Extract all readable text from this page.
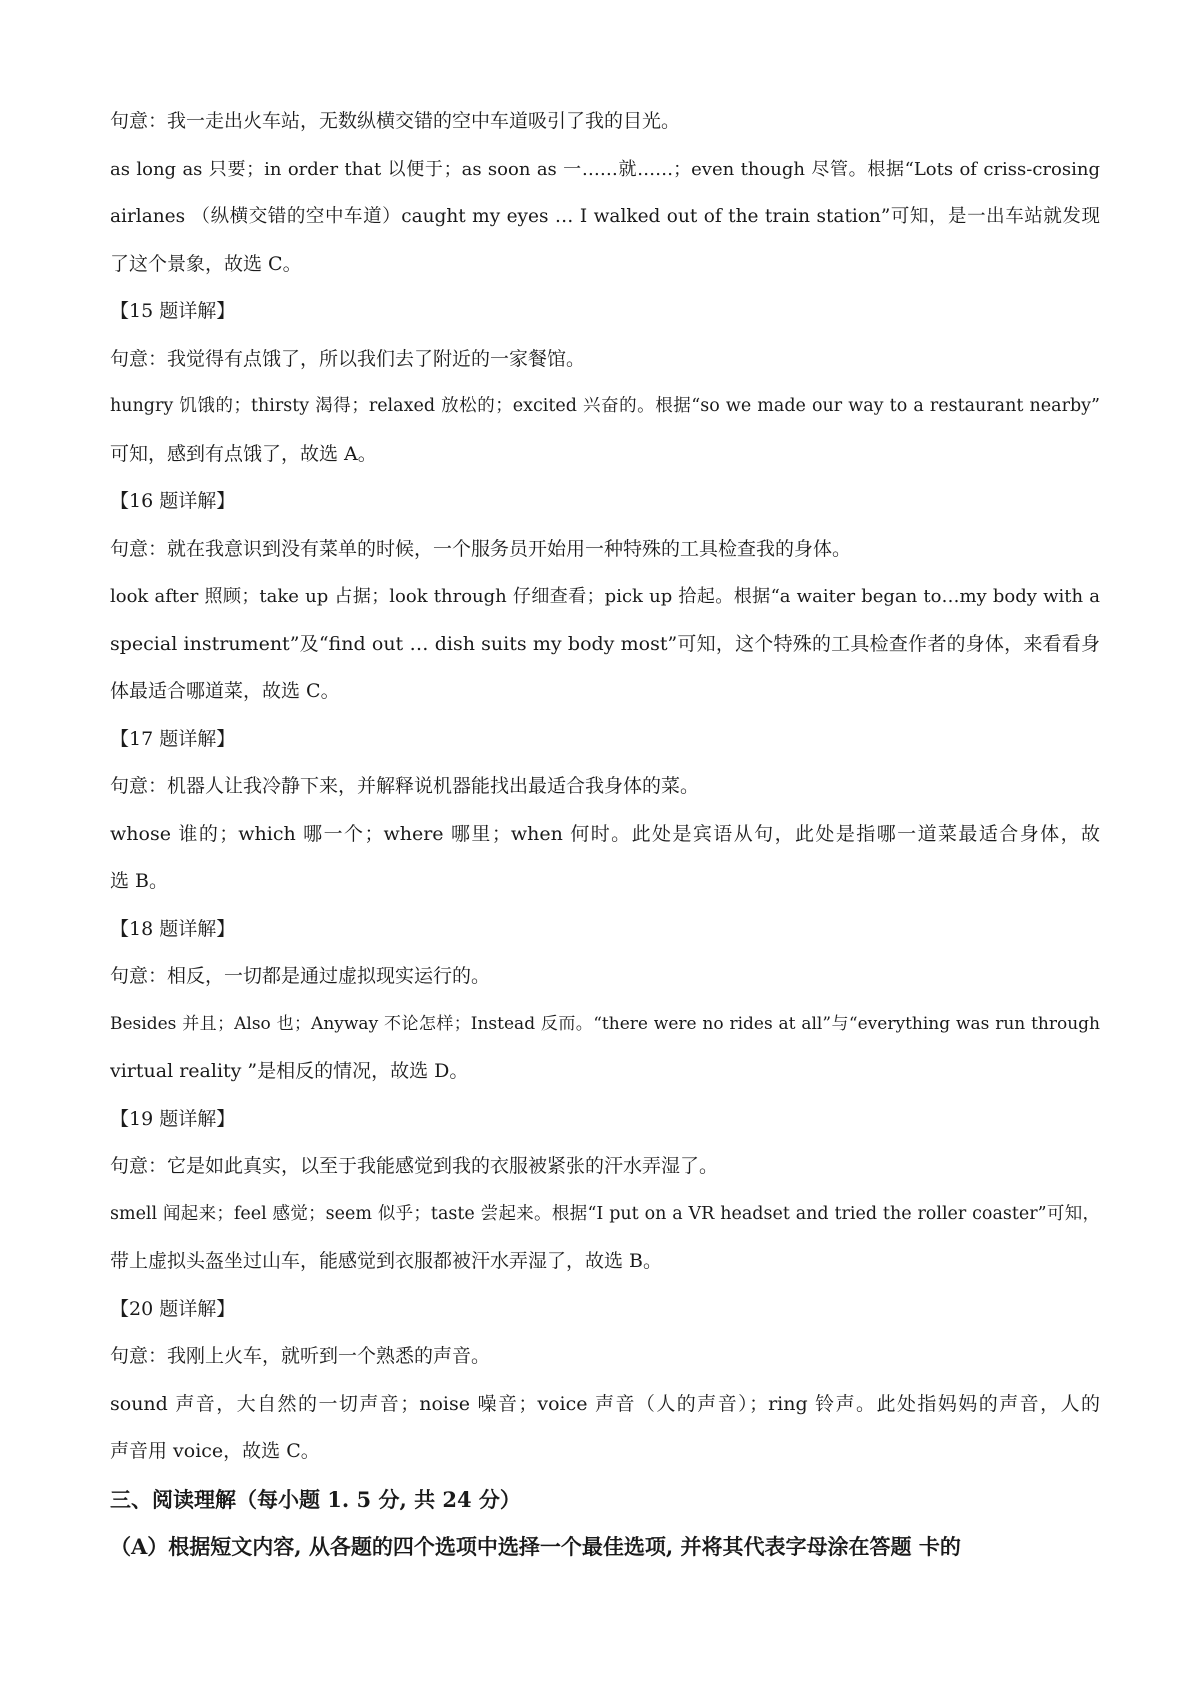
句意：我一走出火车站，无数纵横交错的空中车道吸引了我的目光。
as long as 只要；in order that 以便于；as soon as 一……就……；even though 尽管。根据“Lots of criss-crosing
airlanes （纵横交错的空中车道）caught my eyes … I walked out of the train station”可知，是一出车站就发现
了这个景象，故选 C。
【15 题详解】
句意：我觉得有点饿了，所以我们去了附近的一家餐馆。
hungry 饥饿的；thirsty 渴得；relaxed 放松的；excited 兴奋的。根据“so we made our way to a restaurant nearby”
可知，感到有点饿了，故选 A。
【16 题详解】
句意：就在我意识到没有菜单的时候，一个服务员开始用一种特殊的工具检查我的身体。
look after 照顾；take up 占据；look through 仔细查看；pick up 拾起。根据“a waiter began to…my body with a
special instrument”及“find out … dish suits my body most”可知，这个特殊的工具检查作者的身体，来看看身
体最适合哪道菜，故选 C。
【17 题详解】
句意：机器人让我冷静下来，并解释说机器能找出最适合我身体的菜。
whose 谁的；which 哪一个；where 哪里；when 何时。此处是宾语从句，此处是指哪一道菜最适合身体，故
选 B。
【18 题详解】
句意：相反，一切都是通过虚拟现实运行的。
Besides 并且；Also 也；Anyway 不论怎样；Instead 反而。“there were no rides at all”与“everything was run through
virtual reality ”是相反的情况，故选 D。
【19 题详解】
句意：它是如此真实，以至于我能感觉到我的衣服被紧张的汗水弄湿了。
smell 闻起来；feel 感觉；seem 似乎；taste 尝起来。根据“I put on a VR headset and tried the roller coaster”可知，
带上虚拟头盔坐过山车，能感觉到衣服都被汗水弄湿了，故选 B。
【20 题详解】
句意：我刚上火车，就听到一个熟悉的声音。
sound 声音，大自然的一切声音；noise 噪音；voice 声音（人的声音）；ring 铃声。此处指妈妈的声音，人的
声音用 voice，故选 C。
三、阅读理解（每小题 1. 5 分, 共 24 分）
（A）根据短文内容, 从各题的四个选项中选择一个最佳选项, 并将其代表字母涂在答题 卡的
